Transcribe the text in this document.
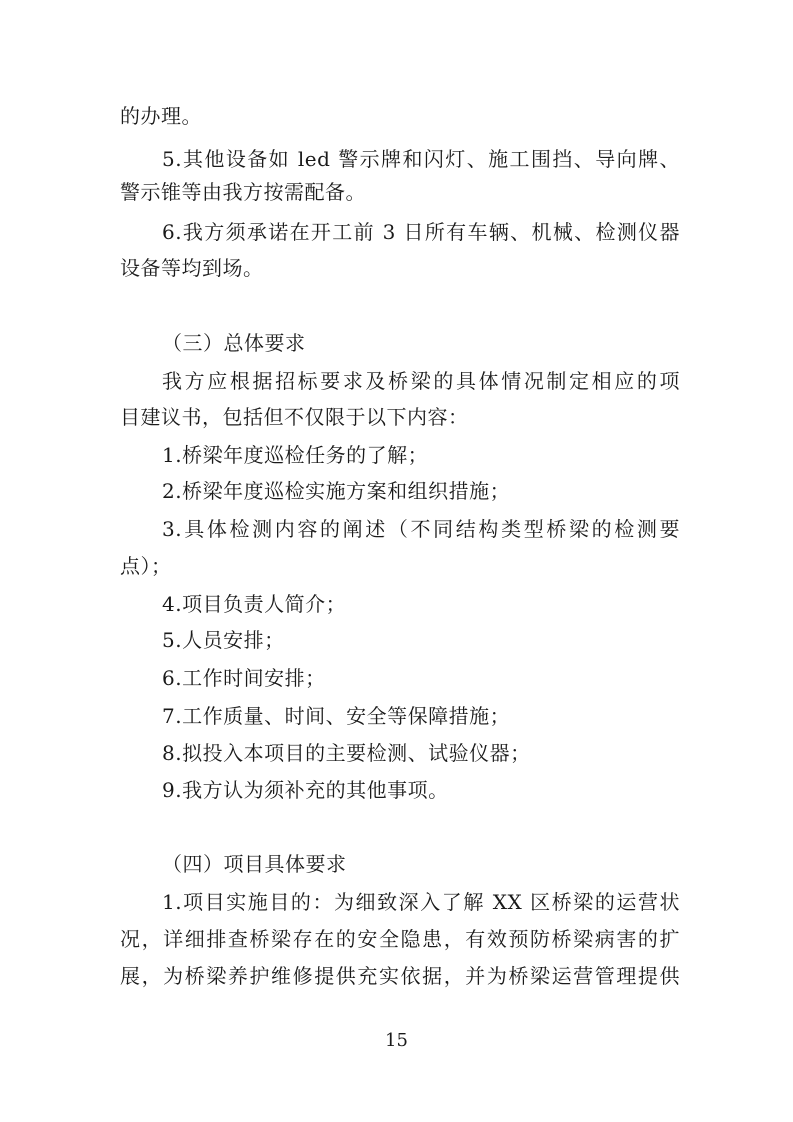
的办理。
5.其他设备如 led 警示牌和闪灯、施工围挡、导向牌、
警示锥等由我方按需配备。
6.我方须承诺在开工前 3 日所有车辆、机械、检测仪器
设备等均到场。
（三）总体要求
我方应根据招标要求及桥梁的具体情况制定相应的项
目建议书，包括但不仅限于以下内容：
1.桥梁年度巡检任务的了解；
2.桥梁年度巡检实施方案和组织措施；
3.具体检测内容的阐述（不同结构类型桥梁的检测要
点）；
4.项目负责人简介；
5.人员安排；
6.工作时间安排；
7.工作质量、时间、安全等保障措施；
8.拟投入本项目的主要检测、试验仪器；
9.我方认为须补充的其他事项。
（四）项目具体要求
1.项目实施目的：为细致深入了解 XX 区桥梁的运营状
况，详细排查桥梁存在的安全隐患，有效预防桥梁病害的扩
展，为桥梁养护维修提供充实依据，并为桥梁运营管理提供
15
